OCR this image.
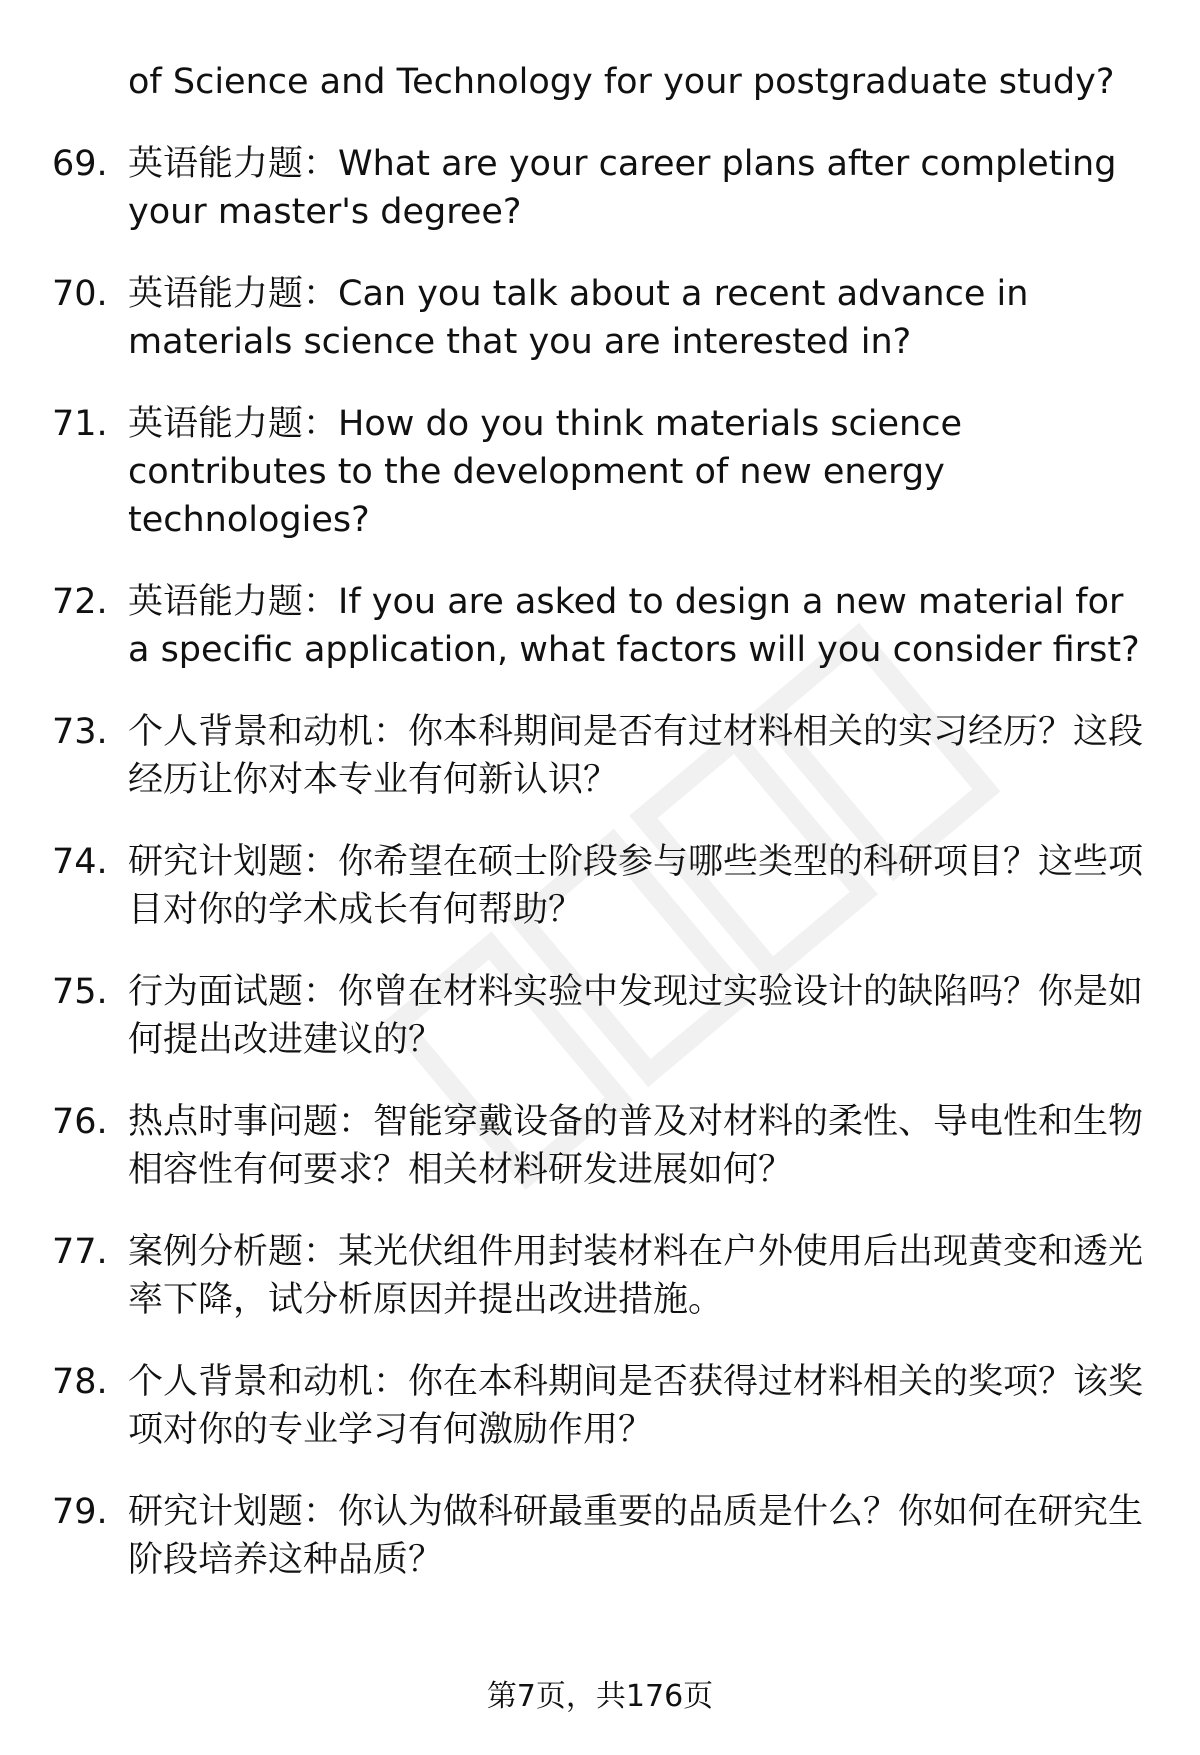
of Science and Technology for your postgraduate study?

69. 英语能力题：What are your career plans after completing your master's degree?
70. 英语能力题：Can you talk about a recent advance in materials science that you are interested in?
71. 英语能力题：How do you think materials science contributes to the development of new energy technologies?
72. 英语能力题：If you are asked to design a new material for a specific application, what factors will you consider first?
73. 个人背景和动机：你本科期间是否有过材料相关的实习经历？这段经历让你对本专业有何新认识？
74. 研究计划题：你希望在硕士阶段参与哪些类型的科研项目？这些项目对你的学术成长有何帮助？
75. 行为面试题：你曾在材料实验中发现过实验设计的缺陷吗？你是如何提出改进建议的？
76. 热点时事问题：智能穿戴设备的普及对材料的柔性、导电性和生物相容性有何要求？相关材料研发进展如何？
77. 案例分析题：某光伏组件用封装材料在户外使用后出现黄变和透光率下降，试分析原因并提出改进措施。
78. 个人背景和动机：你在本科期间是否获得过材料相关的奖项？该奖项对你的专业学习有何激励作用？
79. 研究计划题：你认为做科研最重要的品质是什么？你如何在研究生阶段培养这种品质？
第7页，共176页
